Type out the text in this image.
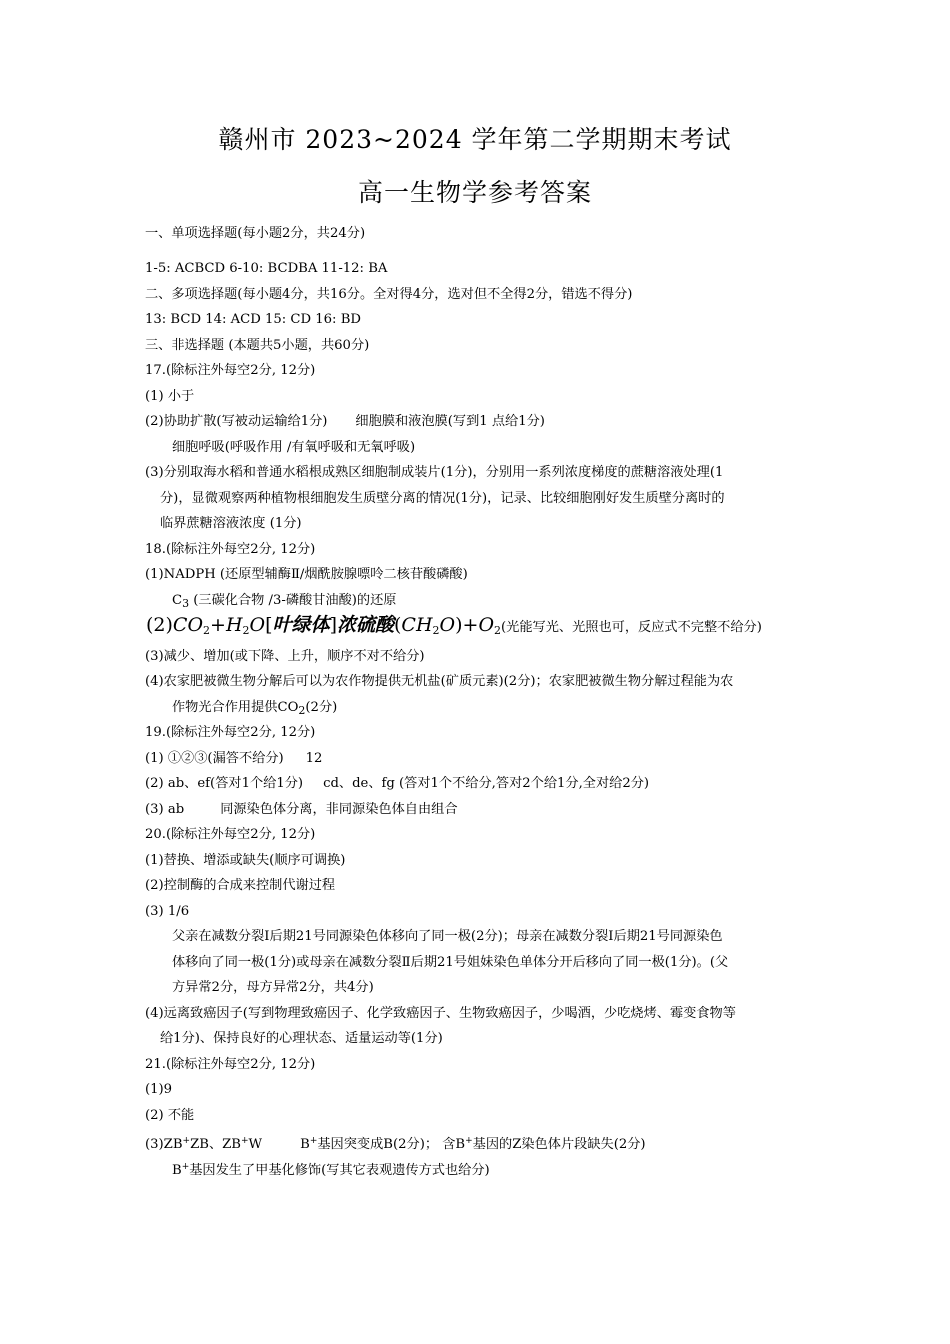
赣州市 2023~2024 学年第二学期期末考试
高一生物学参考答案
一、单项选择题(每小题2分，共24分)
1-5: ACBCD 6-10: BCDBA 11-12: BA
二、多项选择题(每小题4分，共16分。全对得4分，选对但不全得2分，错选不得分)
13: BCD 14: ACD 15: CD 16: BD
三、非选择题 (本题共5小题，共60分)
17.(除标注外每空2分, 12分)
(1) 小于
(2)协助扩散(写被动运输给1分) 细胞膜和液泡膜(写到1 点给1分)
细胞呼吸(呼吸作用 /有氧呼吸和无氧呼吸)
(3)分别取海水稻和普通水稻根成熟区细胞制成装片(1分)，分别用一系列浓度梯度的蔗糖溶液处理(1
分)，显微观察两种植物根细胞发生质壁分离的情况(1分)，记录、比较细胞刚好发生质壁分离时的
临界蔗糖溶液浓度 (1分)
18.(除标注外每空2分, 12分)
(1)NADPH (还原型辅酶Ⅱ/烟酰胺腺嘌呤二核苷酸磷酸)
$C_3$ (三碳化合物 /3-磷酸甘油酸)的还原
$(2)CO_2+H_2O$[叶绿体]浓硫酸$(CH_2O)+O_2$(光能写光、光照也可，反应式不完整不给分)
(3)减少、增加(或下降、上升，顺序不对不给分)
(4)农家肥被微生物分解后可以为农作物提供无机盐(矿质元素)(2分)；农家肥被微生物分解过程能为农
作物光合作用提供$CO_2(2$分)
19.(除标注外每空2分, 12分)
(1) ①②③(漏答不给分) 12
(2) ab、ef(答对1个给1分) cd、de、fg (答对1个不给分,答对2个给1分,全对给2分)
(3) ab	同源染色体分离，非同源染色体自由组合
20.(除标注外每空2分, 12分)
(1)替换、增添或缺失(顺序可调换)
(2)控制酶的合成来控制代谢过程
(3) 1/6
父亲在减数分裂Ⅰ后期21号同源染色体移向了同一极(2分)；母亲在减数分裂Ⅰ后期21号同源染色
体移向了同一极(1分)或母亲在减数分裂Ⅱ后期21号姐妹染色单体分开后移向了同一极(1分)。(父
方异常2分，母方异常2分，共4分)
(4)远离致癌因子(写到物理致癌因子、化学致癌因子、生物致癌因子，少喝酒，少吃烧烤、霉变食物等
给1分)、保持良好的心理状态、适量运动等(1分)
21.(除标注外每空2分, 12分)
(1)9
(2) 不能
(3)ZB+ZB、ZB+W	B+基因突变成B(2分)； 含B+基因的Z染色体片段缺失(2分)
B+基因发生了甲基化修饰(写其它表观遗传方式也给分)
